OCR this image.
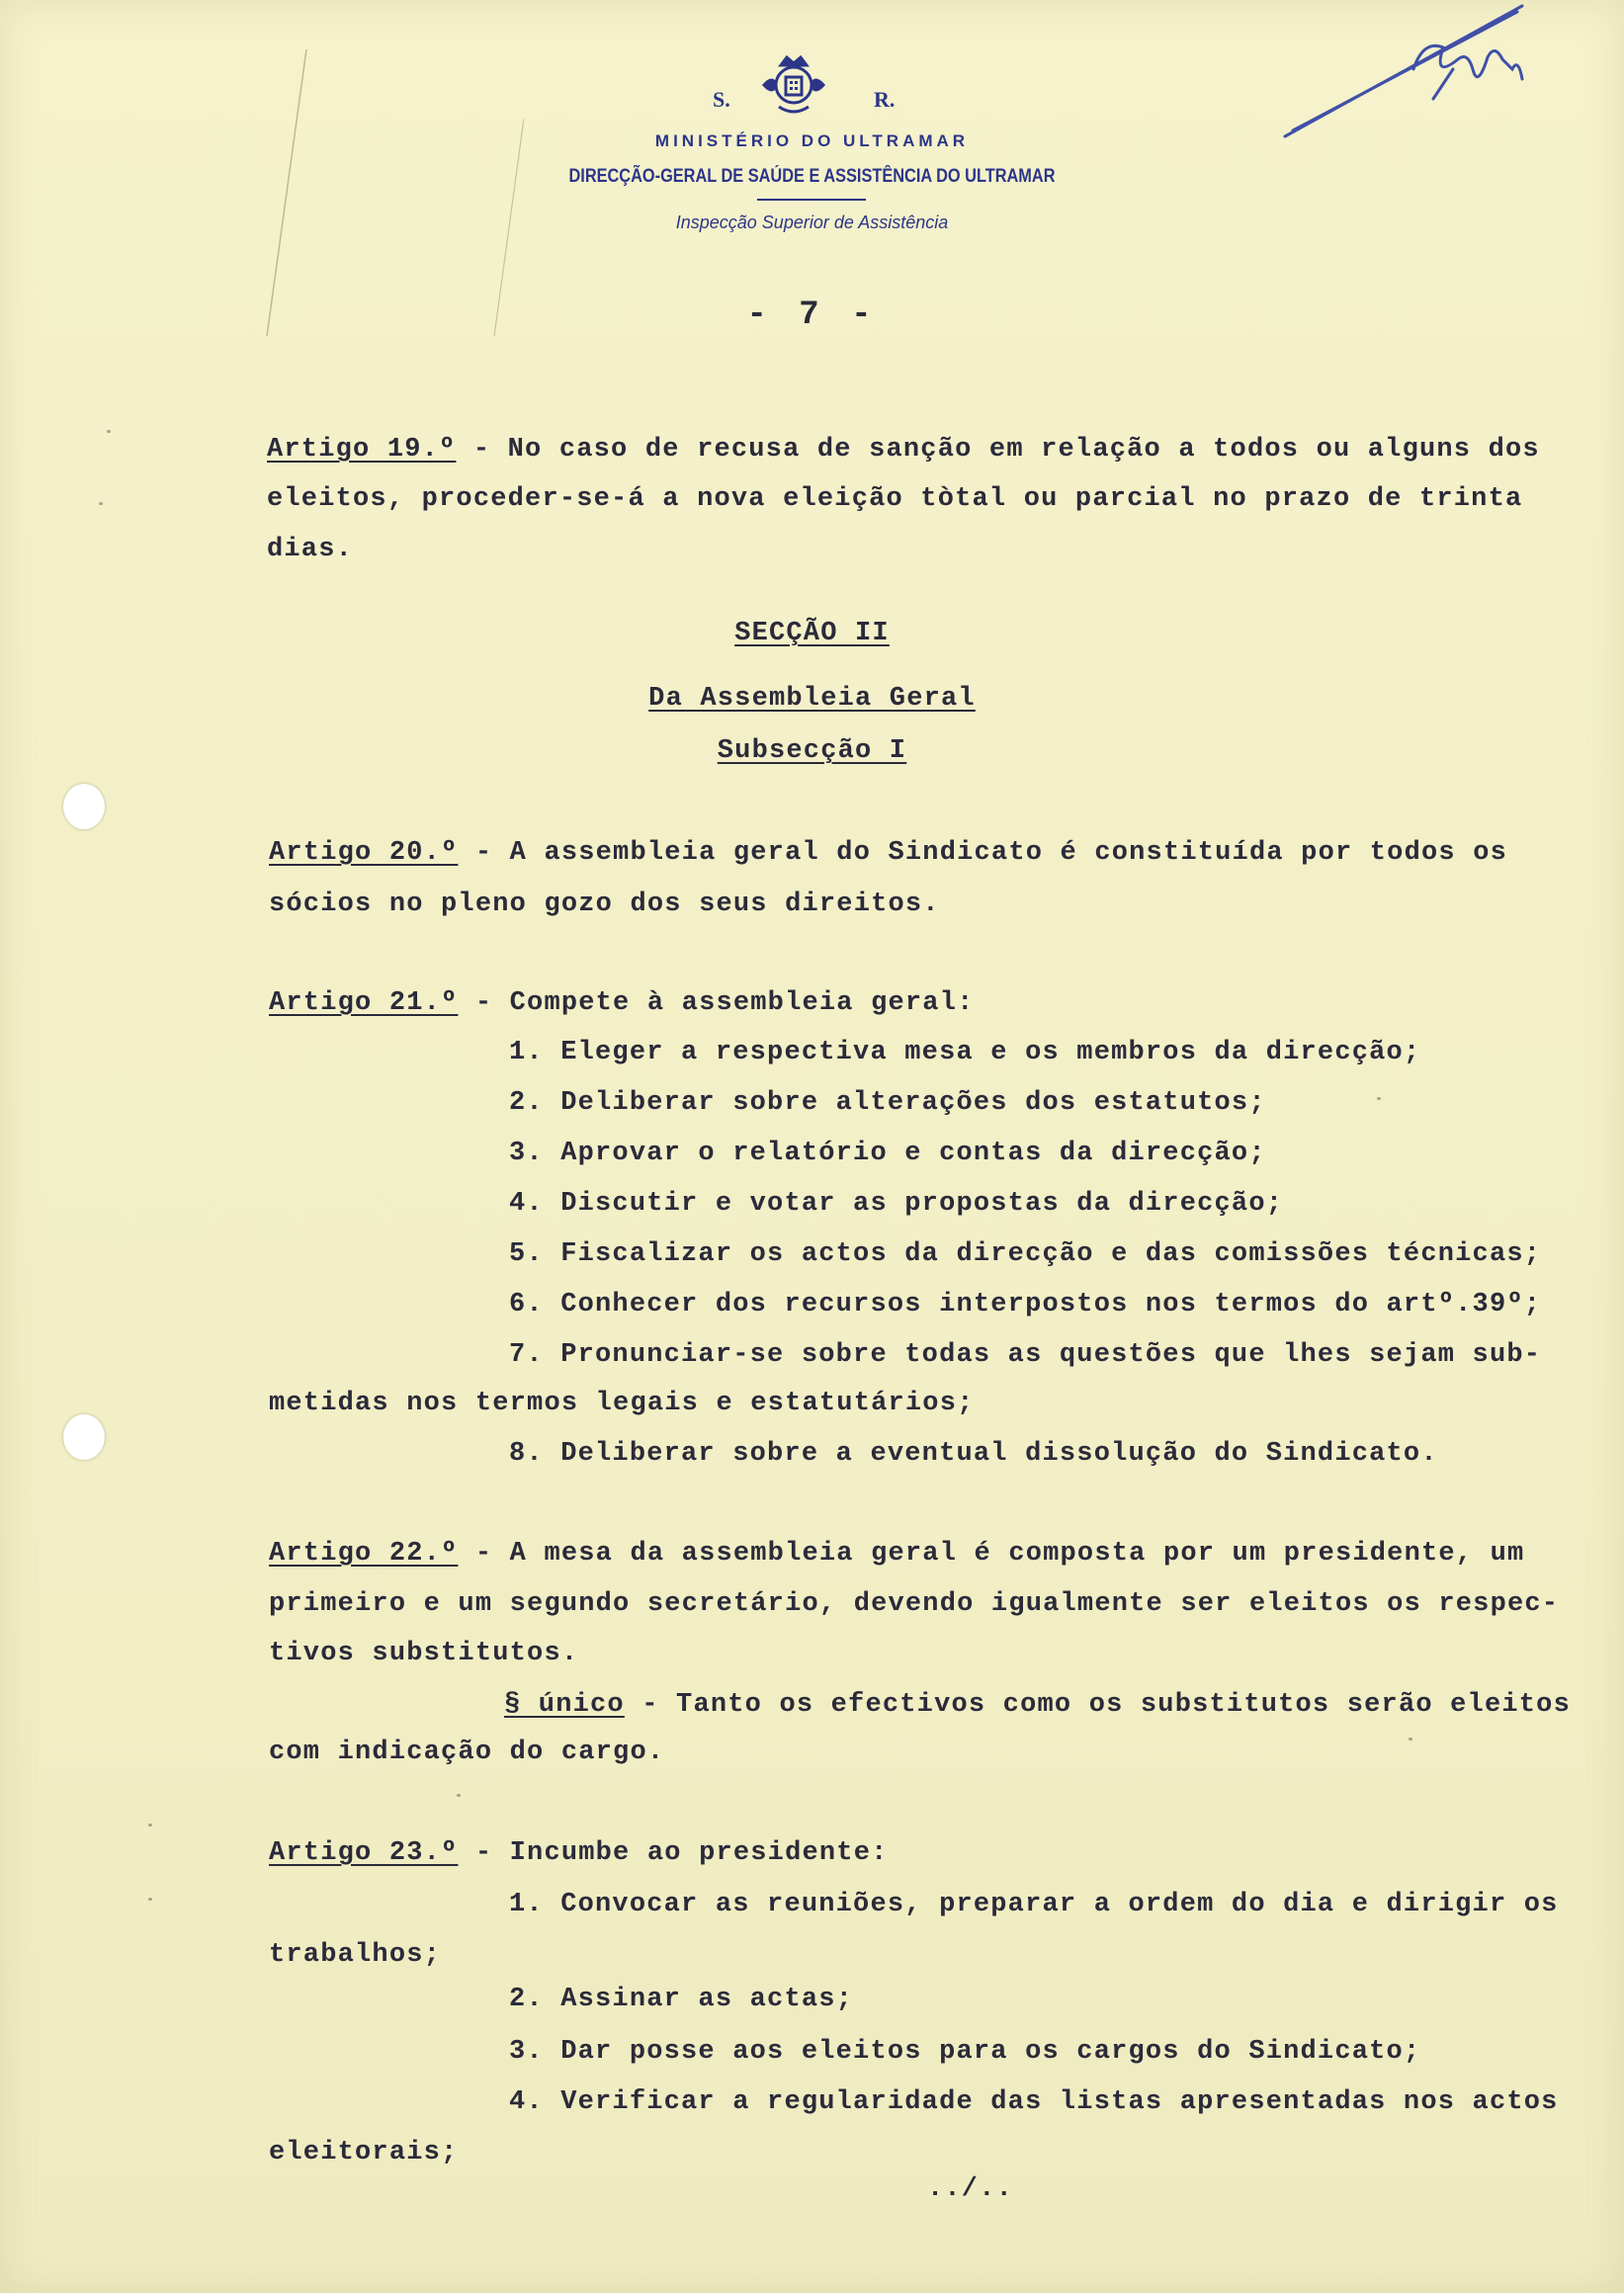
S.	R.
MINISTÉRIO DO ULTRAMAR
DIRECÇÃO-GERAL DE SAÚDE E ASSISTÊNCIA DO ULTRAMAR
Inspecção Superior de Assistência
- 7 -
Artigo 19.º - No caso de recusa de sanção em relação a todos ou alguns dos
eleitos, proceder-se-á a nova eleição tòtal ou parcial no prazo de trinta
dias.
SECÇÃO II
Da Assembleia Geral
Subsecção I
Artigo 20.º - A assembleia geral do Sindicato é constituída por todos os
sócios no pleno gozo dos seus direitos.
Artigo 21.º - Compete à assembleia geral:
1. Eleger a respectiva mesa e os membros da direcção;
2. Deliberar sobre alterações dos estatutos;
3. Aprovar o relatório e contas da direcção;
4. Discutir e votar as propostas da direcção;
5. Fiscalizar os actos da direcção e das comissões técnicas;
6. Conhecer dos recursos interpostos nos termos do artº.39º;
7. Pronunciar-se sobre todas as questões que lhes sejam sub-
metidas nos termos legais e estatutários;
8. Deliberar sobre a eventual dissolução do Sindicato.
Artigo 22.º - A mesa da assembleia geral é composta por um presidente, um
primeiro e um segundo secretário, devendo igualmente ser eleitos os respec-
tivos substitutos.
§ único - Tanto os efectivos como os substitutos serão eleitos
com indicação do cargo.
Artigo 23.º - Incumbe ao presidente:
1. Convocar as reuniões, preparar a ordem do dia e dirigir os
trabalhos;
2. Assinar as actas;
3. Dar posse aos eleitos para os cargos do Sindicato;
4. Verificar a regularidade das listas apresentadas nos actos
eleitorais;
../..
